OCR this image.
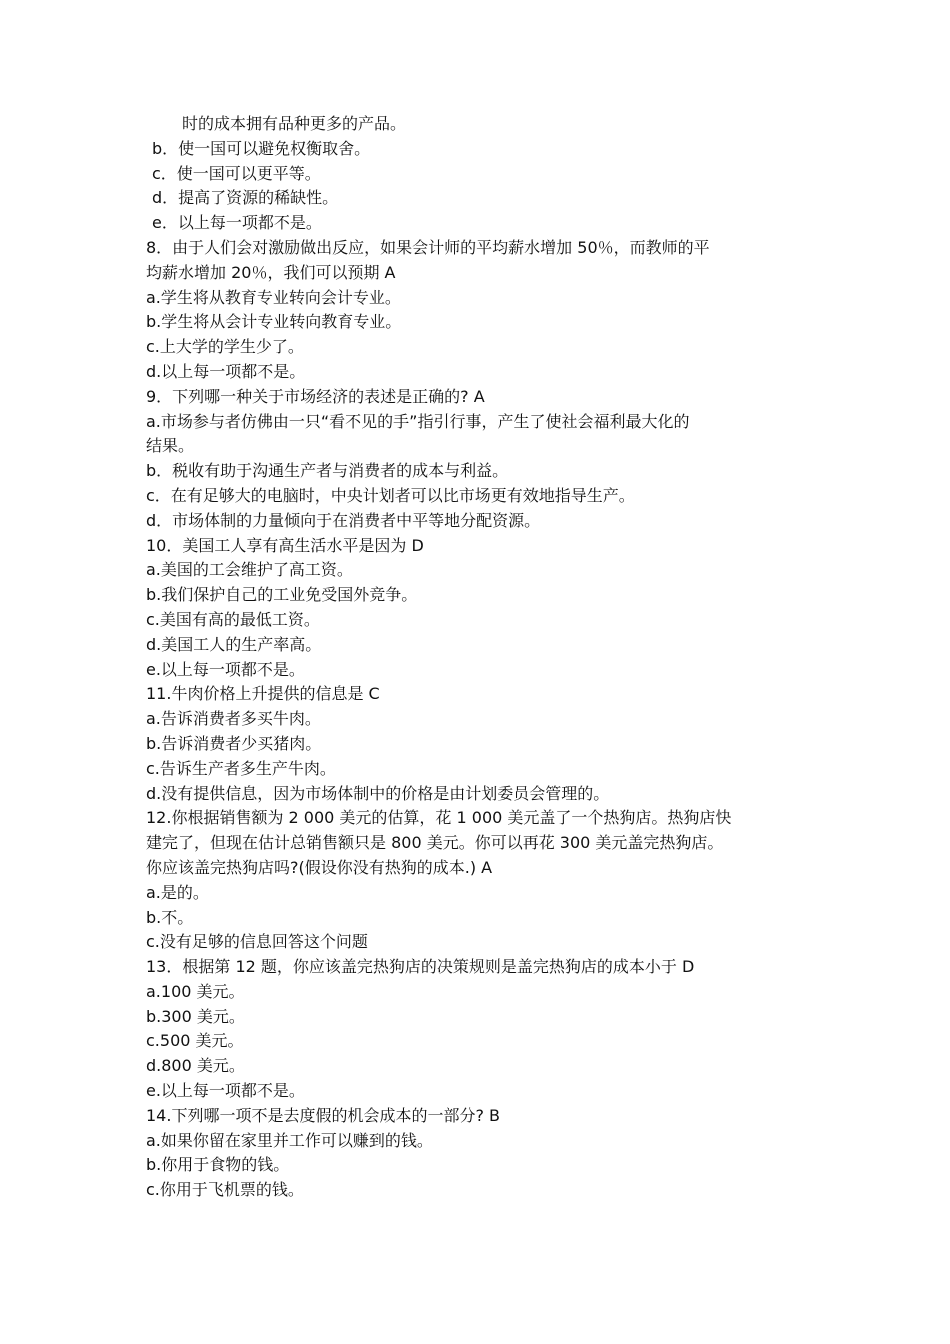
时的成本拥有品种更多的产品。
b．使一国可以避免权衡取舍。
c．使一国可以更平等。
d．提高了资源的稀缺性。
e．以上每一项都不是。
8．由于人们会对激励做出反应，如果会计师的平均薪水增加 50％，而教师的平
均薪水增加 20％，我们可以预期 A
a.学生将从教育专业转向会计专业。
b.学生将从会计专业转向教育专业。
c.上大学的学生少了。
d.以上每一项都不是。
9．下列哪一种关于市场经济的表述是正确的? A
a.市场参与者仿佛由一只“看不见的手”指引行事，产生了使社会福利最大化的
结果。
b．税收有助于沟通生产者与消费者的成本与利益。
c．在有足够大的电脑时，中央计划者可以比市场更有效地指导生产。
d．市场体制的力量倾向于在消费者中平等地分配资源。
10．美国工人享有高生活水平是因为 D
a.美国的工会维护了高工资。
b.我们保护自己的工业免受国外竞争。
c.美国有高的最低工资。
d.美国工人的生产率高。
e.以上每一项都不是。
11.牛肉价格上升提供的信息是 C
a.告诉消费者多买牛肉。
b.告诉消费者少买猪肉。
c.告诉生产者多生产牛肉。
d.没有提供信息，因为市场体制中的价格是由计划委员会管理的。
12.你根据销售额为 2 000 美元的估算，花 1 000 美元盖了一个热狗店。热狗店快
建完了，但现在估计总销售额只是 800 美元。你可以再花 300 美元盖完热狗店。
你应该盖完热狗店吗?(假设你没有热狗的成本.) A
a.是的。
b.不。
c.没有足够的信息回答这个问题
13．根据第 12 题，你应该盖完热狗店的决策规则是盖完热狗店的成本小于 D
a.100 美元。
b.300 美元。
c.500 美元。
d.800 美元。
e.以上每一项都不是。
14.下列哪一项不是去度假的机会成本的一部分? B
a.如果你留在家里并工作可以赚到的钱。
b.你用于食物的钱。
c.你用于飞机票的钱。
